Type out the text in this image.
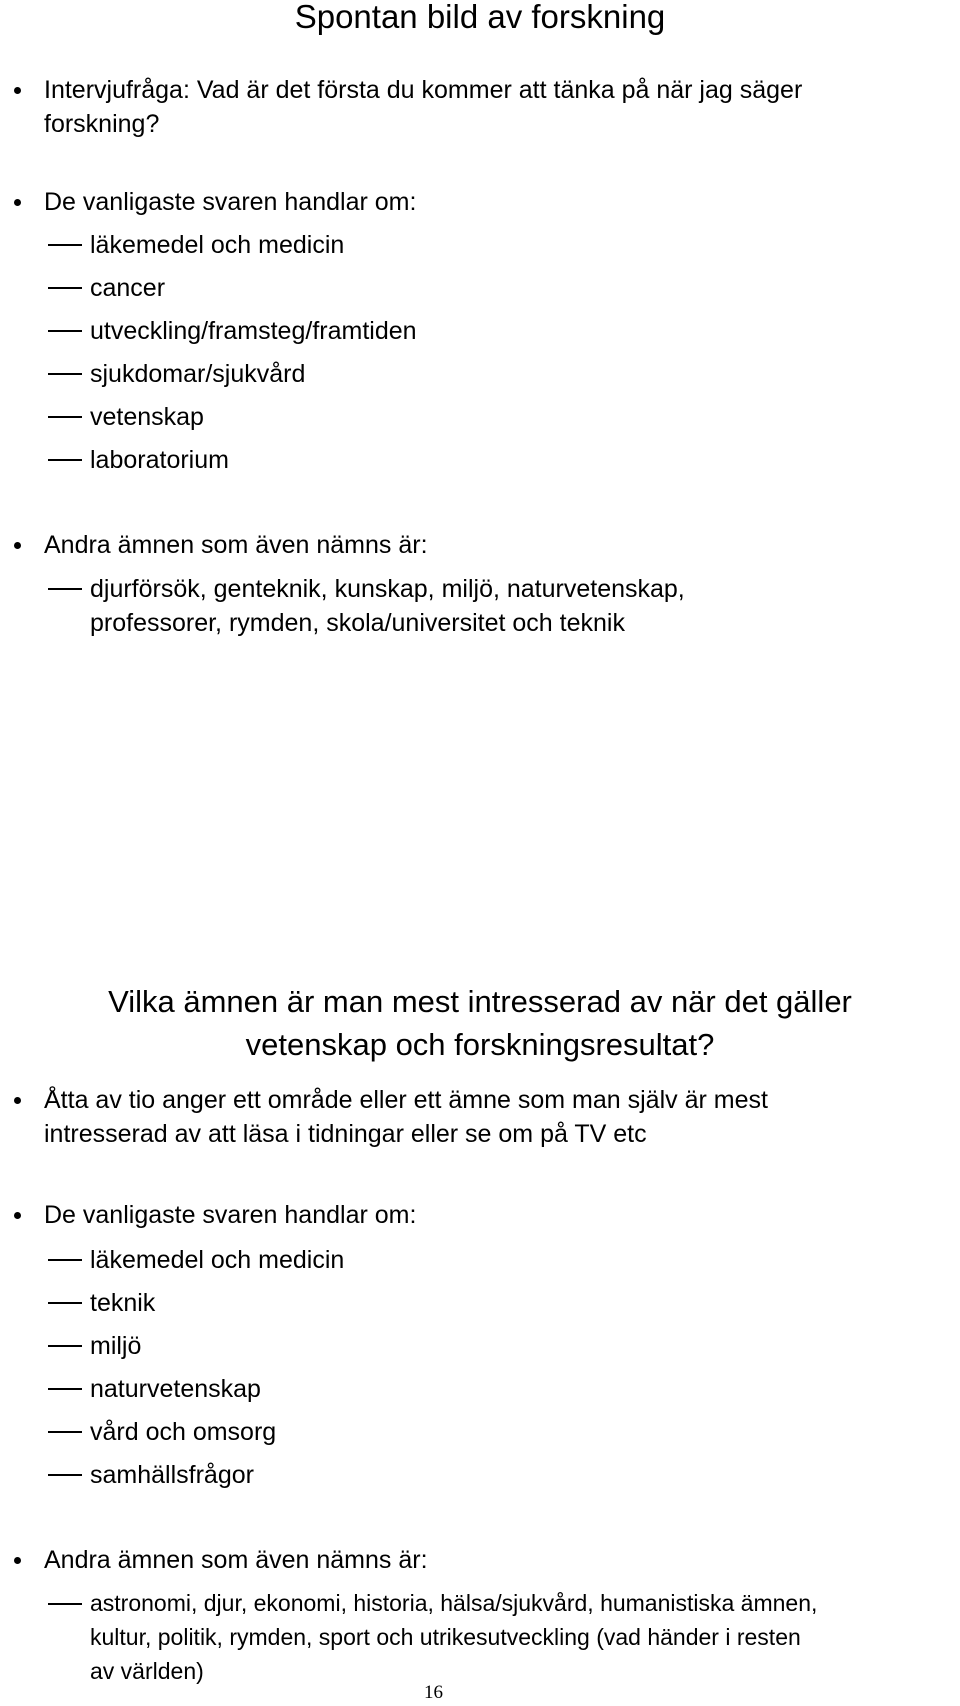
Spontan bild av forskning
Intervjufråga: Vad är det första du kommer att tänka på när jag säger
forskning?
De vanligaste svaren handlar om:
läkemedel och medicin
cancer
utveckling/framsteg/framtiden
sjukdomar/sjukvård
vetenskap
laboratorium
Andra ämnen som även nämns är:
djurförsök, genteknik, kunskap, miljö, naturvetenskap,
professorer, rymden, skola/universitet och teknik
Vilka ämnen är man mest intresserad av när det gäller
vetenskap och forskningsresultat?
Åtta av tio anger ett område eller ett ämne som man själv är mest
intresserad av att läsa i tidningar eller se om på TV etc
De vanligaste svaren handlar om:
läkemedel och medicin
teknik
miljö
naturvetenskap
vård och omsorg
samhällsfrågor
Andra ämnen som även nämns är:
astronomi, djur, ekonomi, historia, hälsa/sjukvård, humanistiska ämnen,
kultur, politik, rymden, sport och utrikesutveckling (vad händer i resten
av världen)
16
